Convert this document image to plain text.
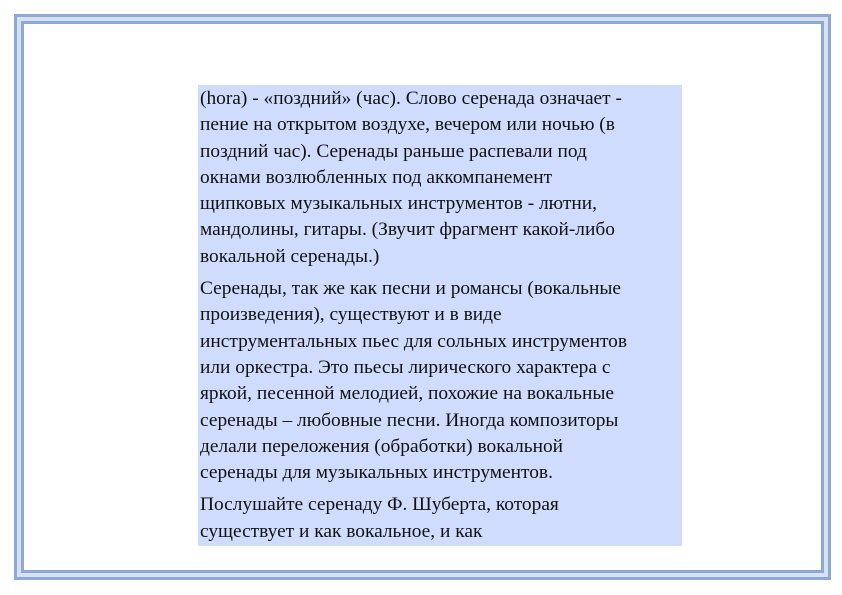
(hora) - «поздний» (час). Слово серенада означает -
пение на открытом воздухе, вечером или ночью (в
поздний час). Серенады раньше распевали под
окнами возлюбленных под аккомпанемент
щипковых музыкальных инструментов - лютни,
мандолины, гитары. (Звучит фрагмент какой-либо
вокальной серенады.)

Серенады, так же как песни и романсы (вокальные
произведения), существуют и в виде
инструментальных пьес для сольных инструментов
или оркестра. Это пьесы лирического характера с
яркой, песенной мелодией, похожие на вокальные
серенады – любовные песни. Иногда композиторы
делали переложения (обработки) вокальной
серенады для музыкальных инструментов.

Послушайте серенаду Ф. Шуберта, которая
существует и как вокальное, и как
